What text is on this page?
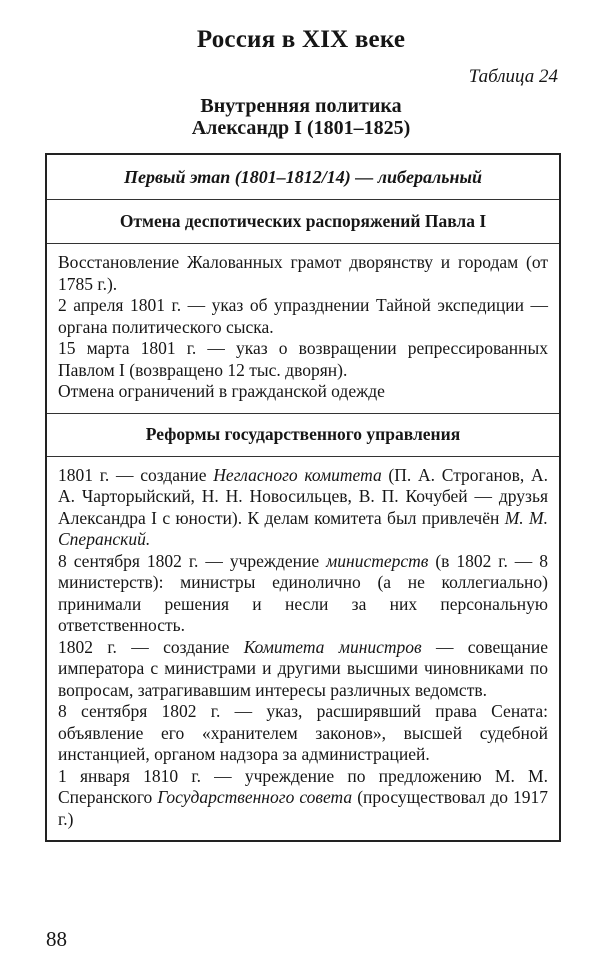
Россия в XIX веке
Таблица 24
Внутренняя политика
Александр I (1801–1825)
Первый этап (1801–1812/14) — либеральный
Отмена деспотических распоряжений Павла I

Восстановление Жалованных грамот дворянству и городам (от 1785 г.).

2 апреля 1801 г. — указ об упразднении Тайной экспедиции — органа политического сыска.

15 марта 1801 г. — указ о возвращении репрессированных Павлом I (возвращено 12 тыс. дворян).

Отмена ограничений в гражданской одежде

Реформы государственного управления

1801 г. — создание Негласного комитета (П. А. Строганов, А. А. Чарторыйский, Н. Н. Новосильцев, В. П. Кочубей — друзья Александра I с юности). К делам комитета был привлечён М. М. Сперанский.

8 сентября 1802 г. — учреждение министерств (в 1802 г. — 8 министерств): министры единолично (а не коллегиально) принимали решения и несли за них персональную ответственность.

1802 г. — создание Комитета министров — совещание императора с министрами и другими высшими чиновниками по вопросам, затрагивавшим интересы различных ведомств.

8 сентября 1802 г. — указ, расширявший права Сената: объявление его «хранителем законов», высшей судебной инстанцией, органом надзора за администрацией.

1 января 1810 г. — учреждение по предложению М. М. Сперанского Государственного совета (просуществовал до 1917 г.)

88
